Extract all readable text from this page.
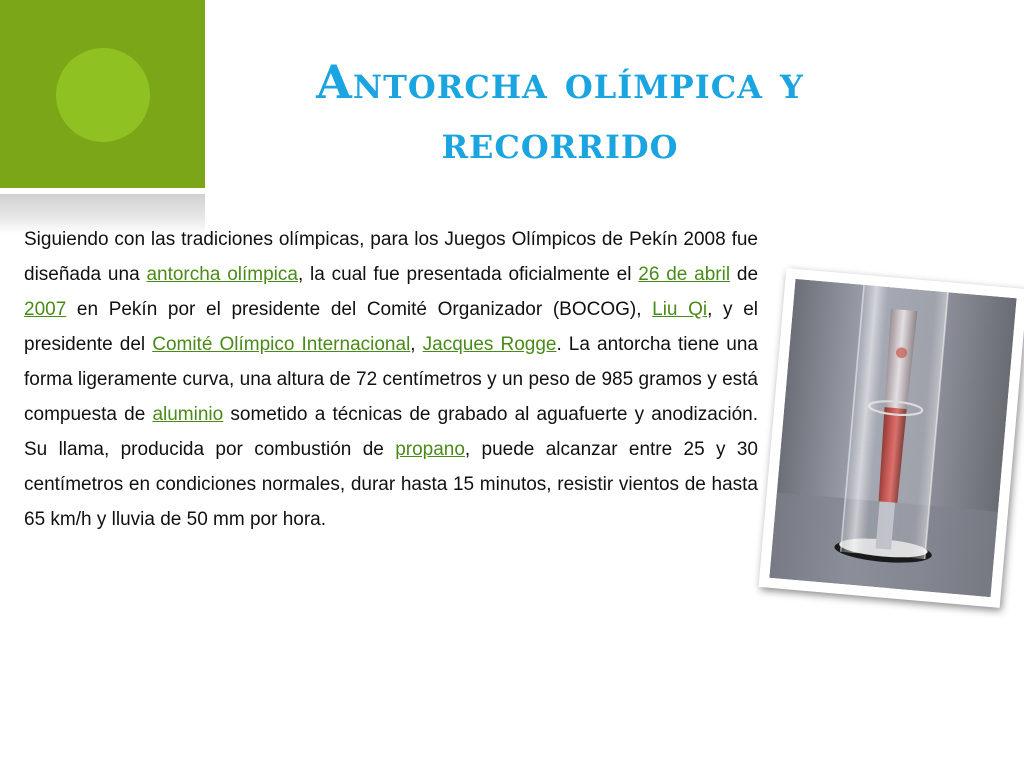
Antorcha olímpica y recorrido

Siguiendo con las tradiciones olímpicas, para los Juegos Olímpicos de Pekín 2008 fue diseñada una antorcha olímpica, la cual fue presentada oficialmente el 26 de abril de 2007 en Pekín por el presidente del Comité Organizador (BOCOG), Liu Qi, y el presidente del Comité Olímpico Internacional, Jacques Rogge. La antorcha tiene una forma ligeramente curva, una altura de 72 centímetros y un peso de 985 gramos y está compuesta de aluminio sometido a técnicas de grabado al aguafuerte y anodización. Su llama, producida por combustión de propano, puede alcanzar entre 25 y 30 centímetros en condiciones normales, durar hasta 15 minutos, resistir vientos de hasta 65 km/h y lluvia de 50 mm por hora.
